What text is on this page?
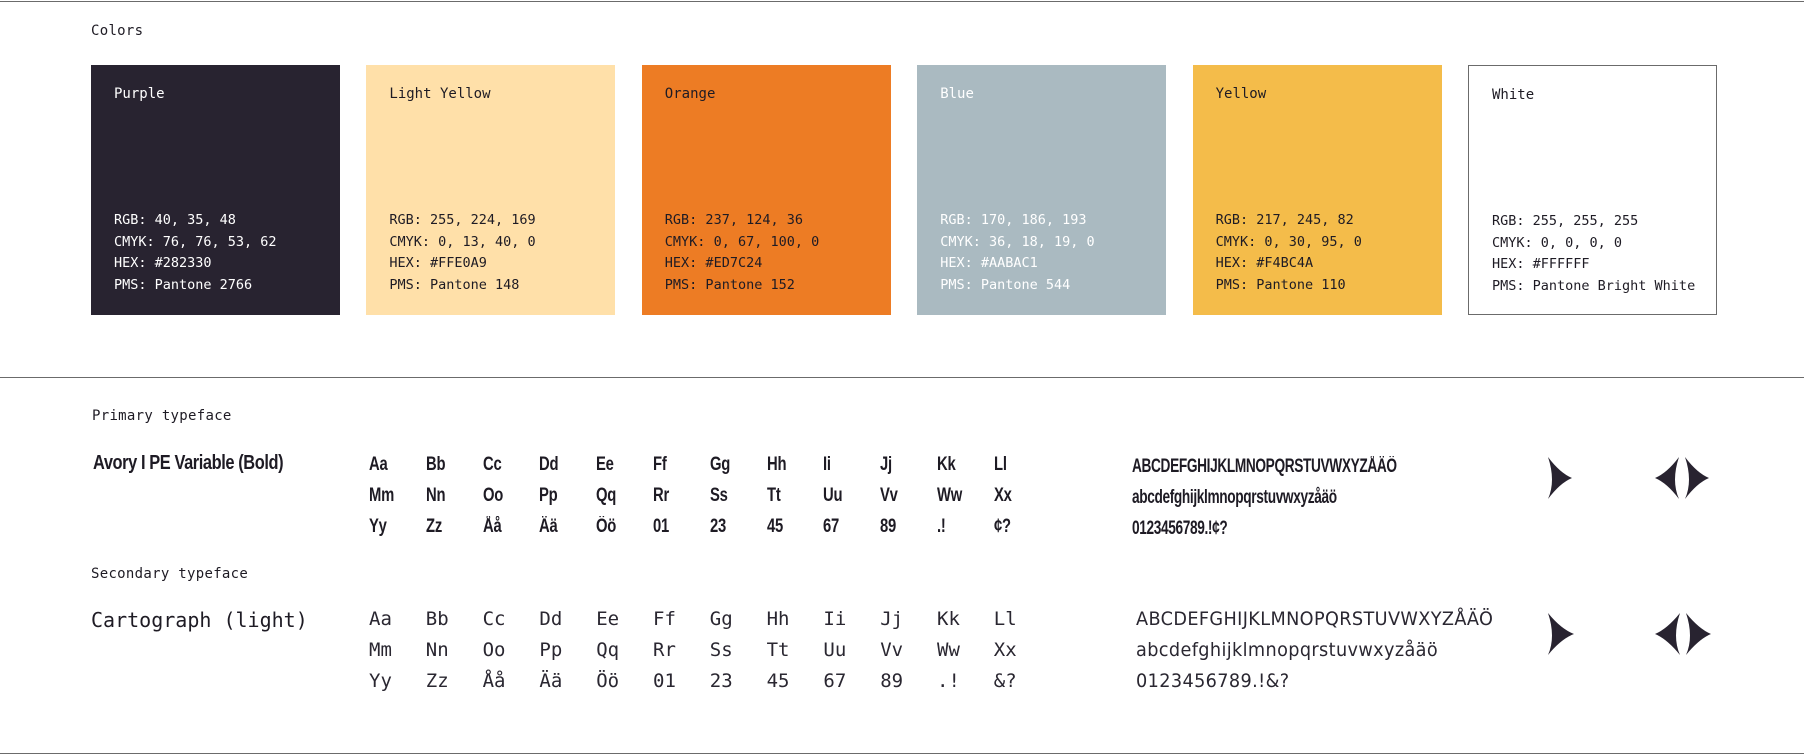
Colors
Purple
RGB: 40, 35, 48
CMYK: 76, 76, 53, 62
HEX: #282330
PMS: Pantone 2766
Light Yellow
RGB: 255, 224, 169
CMYK: 0, 13, 40, 0
HEX: #FFE0A9
PMS: Pantone 148
Orange
RGB: 237, 124, 36
CMYK: 0, 67, 100, 0
HEX: #ED7C24
PMS: Pantone 152
Blue
RGB: 170, 186, 193
CMYK: 36, 18, 19, 0
HEX: #AABAC1
PMS: Pantone 544
Yellow
RGB: 217, 245, 82
CMYK: 0, 30, 95, 0
HEX: #F4BC4A
PMS: Pantone 110
White
RGB: 255, 255, 255
CMYK: 0, 0, 0, 0
HEX: #FFFFFF
PMS: Pantone Bright White
Primary typeface
Avory I PE Variable (Bold)	Aa Bb Cc Dd Ee Ff Gg Hh Ii	Jj Kk Ll
Mm Nn Oo Pp Qq Rr Ss Tt Uu Vv Ww Xx
Yy Zz Åå Ää Öö 01 23 45 67 89 .!	¢?
ABCDEFGHIJKLMNOPQRSTUVWXYZÅÄÖ
abcdefghijklmnopqrstuvwxyzåäö
0123456789.!¢?
Secondary typeface
Cartograph (light)	Aa Bb Cc Dd Ee Ff Gg Hh Ii Jj Kk Ll
Mm Nn Oo Pp Qq Rr Ss Tt Uu Vv Ww Xx
Yy Zz Åå Ää Öö 01 23 45 67 89 .! &?
ABCDEFGHIJKLMNOPQRSTUVWXYZÅÄÖ
abcdefghijklmnopqrstuvwxyzåäö
0123456789.!&?
